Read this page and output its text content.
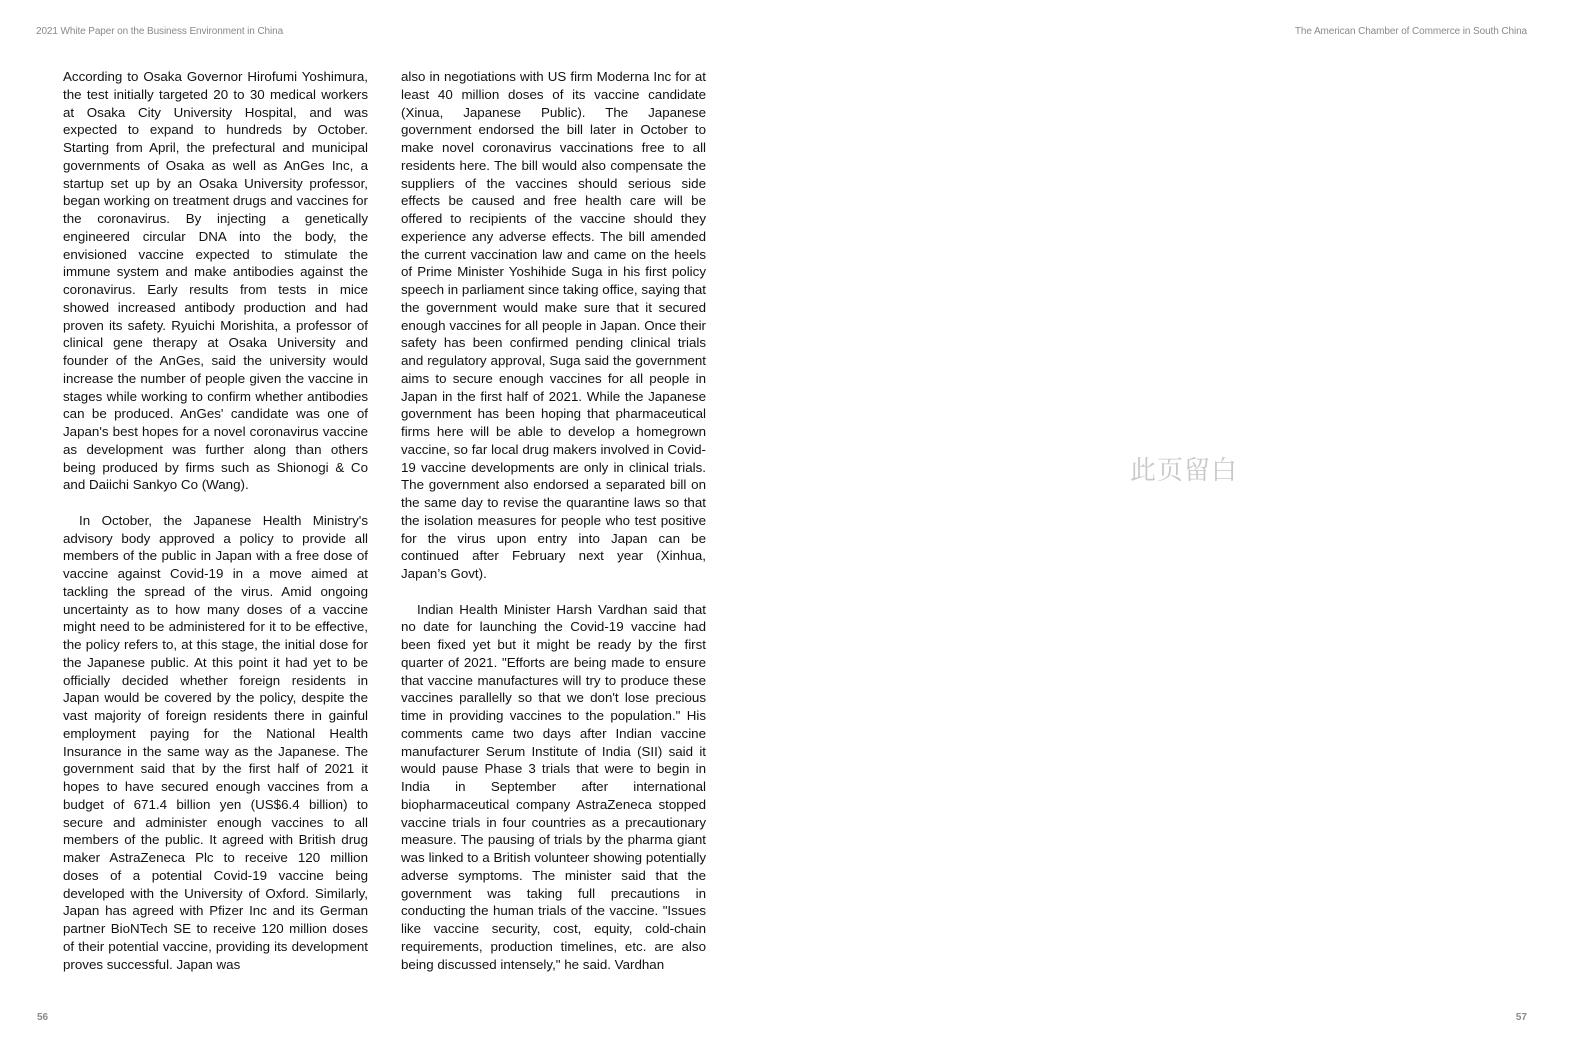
2021 White Paper on the Business Environment in China

According to Osaka Governor Hirofumi Yoshimura, the test initially targeted 20 to 30 medical workers at Osaka City University Hospital, and was expected to expand to hundreds by October. Starting from April, the prefectural and municipal governments of Osaka as well as AnGes Inc, a startup set up by an Osaka University professor, began working on treatment drugs and vaccines for the coronavirus. By injecting a genetically engineered circular DNA into the body, the envisioned vaccine expected to stimulate the immune system and make antibodies against the coronavirus. Early results from tests in mice showed increased antibody production and had proven its safety. Ryuichi Morishita, a professor of clinical gene therapy at Osaka University and founder of the AnGes, said the university would increase the number of people given the vaccine in stages while working to confirm whether antibodies can be produced. AnGes' candidate was one of Japan's best hopes for a novel coronavirus vaccine as development was further along than others being produced by firms such as Shionogi & Co and Daiichi Sankyo Co (Wang).

In October, the Japanese Health Ministry's advisory body approved a policy to provide all members of the public in Japan with a free dose of vaccine against Covid-19 in a move aimed at tackling the spread of the virus. Amid ongoing uncertainty as to how many doses of a vaccine might need to be administered for it to be effective, the policy refers to, at this stage, the initial dose for the Japanese public. At this point it had yet to be officially decided whether foreign residents in Japan would be covered by the policy, despite the vast majority of foreign residents there in gainful employment paying for the National Health Insurance in the same way as the Japanese. The government said that by the first half of 2021 it hopes to have secured enough vaccines from a budget of 671.4 billion yen (US$6.4 billion) to secure and administer enough vaccines to all members of the public. It agreed with British drug maker AstraZeneca Plc to receive 120 million doses of a potential Covid-19 vaccine being developed with the University of Oxford. Similarly, Japan has agreed with Pfizer Inc and its German partner BioNTech SE to receive 120 million doses of their potential vaccine, providing its development proves successful. Japan was

also in negotiations with US firm Moderna Inc for at least 40 million doses of its vaccine candidate (Xinua, Japanese Public). The Japanese government endorsed the bill later in October to make novel coronavirus vaccinations free to all residents here. The bill would also compensate the suppliers of the vaccines should serious side effects be caused and free health care will be offered to recipients of the vaccine should they experience any adverse effects. The bill amended the current vaccination law and came on the heels of Prime Minister Yoshihide Suga in his first policy speech in parliament since taking office, saying that the government would make sure that it secured enough vaccines for all people in Japan. Once their safety has been confirmed pending clinical trials and regulatory approval, Suga said the government aims to secure enough vaccines for all people in Japan in the first half of 2021. While the Japanese government has been hoping that pharmaceutical firms here will be able to develop a homegrown vaccine, so far local drug makers involved in Covid-19 vaccine developments are only in clinical trials. The government also endorsed a separated bill on the same day to revise the quarantine laws so that the isolation measures for people who test positive for the virus upon entry into Japan can be continued after February next year (Xinhua, Japan’s Govt).

Indian Health Minister Harsh Vardhan said that no date for launching the Covid-19 vaccine had been fixed yet but it might be ready by the first quarter of 2021. "Efforts are being made to ensure that vaccine manufactures will try to produce these vaccines parallelly so that we don't lose precious time in providing vaccines to the population." His comments came two days after Indian vaccine manufacturer Serum Institute of India (SII) said it would pause Phase 3 trials that were to begin in India in September after international biopharmaceutical company AstraZeneca stopped vaccine trials in four countries as a precautionary measure. The pausing of trials by the pharma giant was linked to a British volunteer showing potentially adverse symptoms. The minister said that the government was taking full precautions in conducting the human trials of the vaccine. "Issues like vaccine security, cost, equity, cold-chain requirements, production timelines, etc. are also being discussed intensely," he said. Vardhan

56
The American Chamber of Commerce in South China
此页留白
57
